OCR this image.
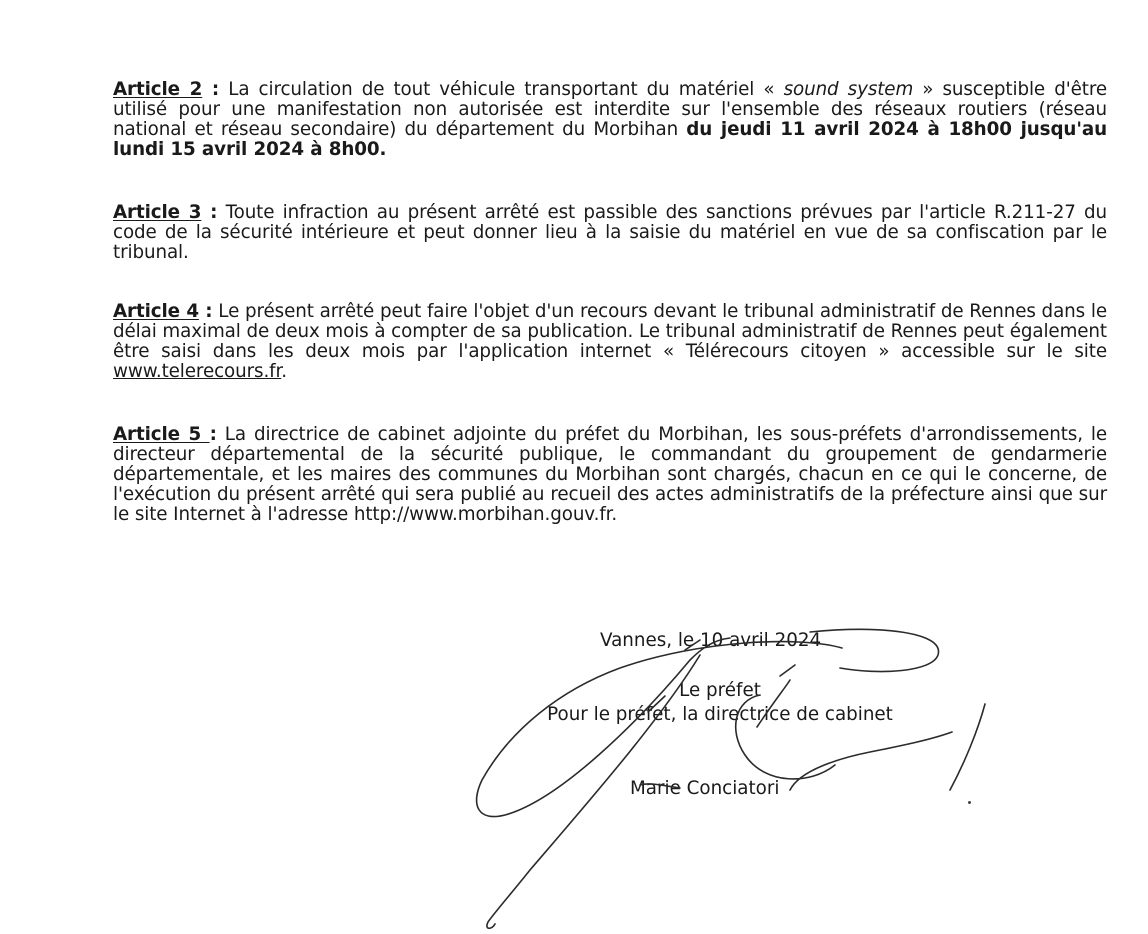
Article 2 : La circulation de tout véhicule transportant du matériel « sound system » susceptible d'être utilisé pour une manifestation non autorisée est interdite sur l'ensemble des réseaux routiers (réseau national et réseau secondaire) du département du Morbihan du jeudi 11 avril 2024 à 18h00 jusqu'au lundi 15 avril 2024 à 8h00.

Article 3 : Toute infraction au présent arrêté est passible des sanctions prévues par l'article R.211-27 du code de la sécurité intérieure et peut donner lieu à la saisie du matériel en vue de sa confiscation par le tribunal.

Article 4 : Le présent arrêté peut faire l'objet d'un recours devant le tribunal administratif de Rennes dans le délai maximal de deux mois à compter de sa publication. Le tribunal administratif de Rennes peut également être saisi dans les deux mois par l'application internet « Télérecours citoyen » accessible sur le site www.telerecours.fr.

Article 5 : La directrice de cabinet adjointe du préfet du Morbihan, les sous-préfets d'arrondissements, le directeur départemental de la sécurité publique, le commandant du groupement de gendarmerie départementale, et les maires des communes du Morbihan sont chargés, chacun en ce qui le concerne, de l'exécution du présent arrêté qui sera publié au recueil des actes administratifs de la préfecture ainsi que sur le site Internet à l'adresse http://www.morbihan.gouv.fr.

Vannes, le 10 avril 2024
Le préfet
Pour le préfet, la directrice de cabinet
Marie Conciatori
